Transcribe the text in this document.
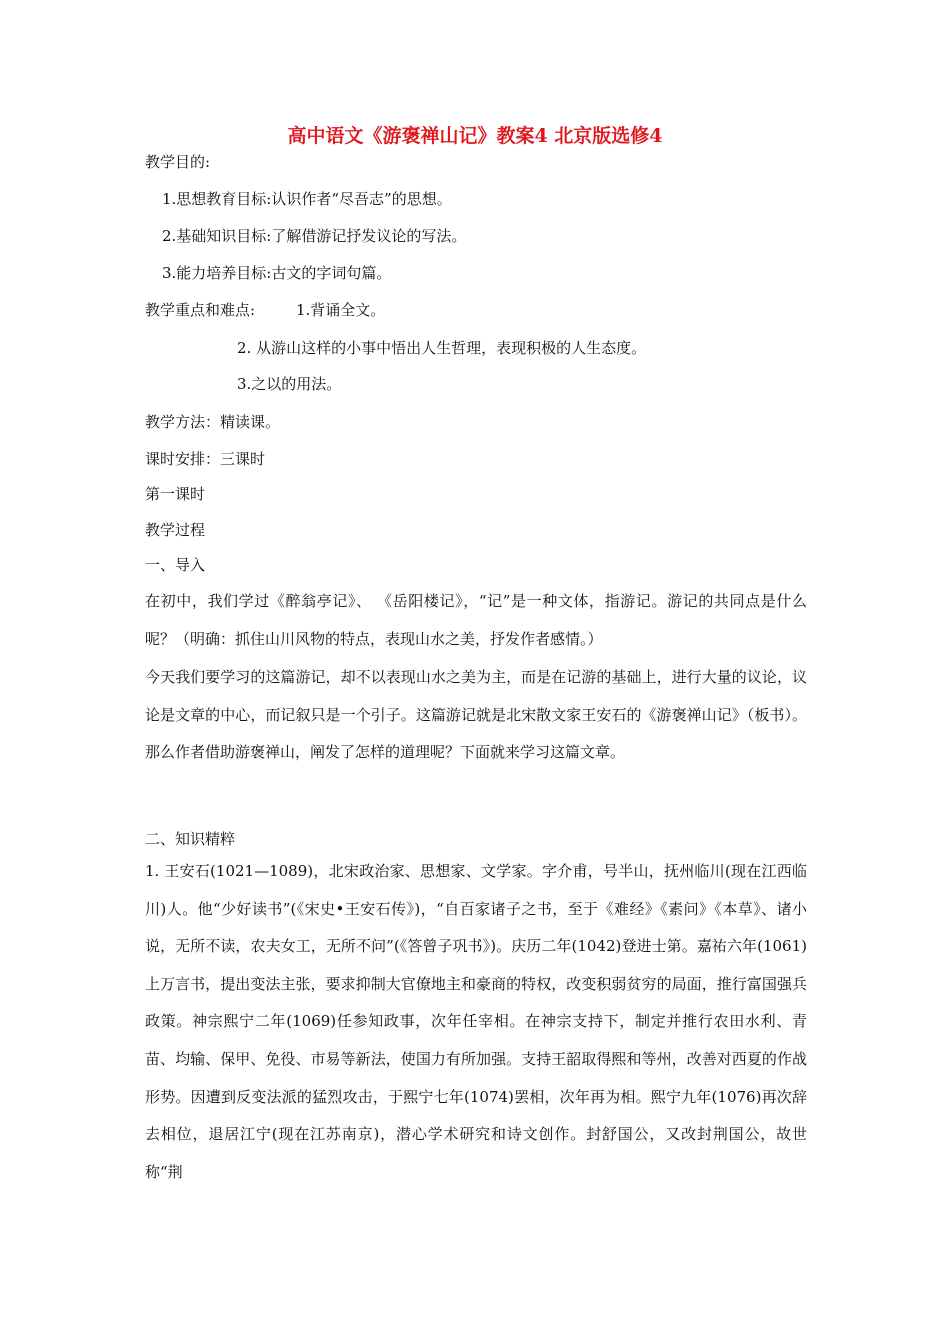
高中语文《游褒禅山记》教案4 北京版选修4
教学目的:
1.思想教育目标:认识作者“尽吾志”的思想。
2.基础知识目标:了解借游记抒发议论的写法。
3.能力培养目标:古文的字词句篇。
教学重点和难点:	1.背诵全文。
2. 从游山这样的小事中悟出人生哲理，表现积极的人生态度。
3.之以的用法。
教学方法：精读课。
课时安排：三课时
第一课时
教学过程
一、导入
在初中，我们学过《醉翁亭记》、 《岳阳楼记》，“记”是一种文体，指游记。游记的共同点是什么呢？（明确：抓住山川风物的特点，表现山水之美，抒发作者感情。）
今天我们要学习的这篇游记，却不以表现山水之美为主，而是在记游的基础上，进行大量的议论，议论是文章的中心，而记叙只是一个引子。这篇游记就是北宋散文家王安石的《游褒禅山记》（板书）。那么作者借助游褒禅山，阐发了怎样的道理呢？下面就来学习这篇文章。
二、知识精粹
1. 王安石(1021—1089)，北宋政治家、思想家、文学家。字介甫，号半山，抚州临川(现在江西临川)人。他“少好读书”(《宋史•王安石传》)，“自百家诸子之书，至于《难经》《素问》《本草》、诸小说，无所不读，农夫女工，无所不问”(《答曾子巩书》)。庆历二年(1042)登进士第。嘉祐六年(1061)上万言书，提出变法主张，要求抑制大官僚地主和豪商的特权，改变积弱贫穷的局面，推行富国强兵政策。神宗熙宁二年(1069)任参知政事，次年任宰相。在神宗支持下，制定并推行农田水利、青苗、均输、保甲、免役、市易等新法，使国力有所加强。支持王韶取得熙和等州，改善对西夏的作战形势。因遭到反变法派的猛烈攻击，于熙宁七年(1074)罢相，次年再为相。熙宁九年(1076)再次辞去相位，退居江宁(现在江苏南京)，潜心学术研究和诗文创作。封舒国公，又改封荆国公，故世称“荆
